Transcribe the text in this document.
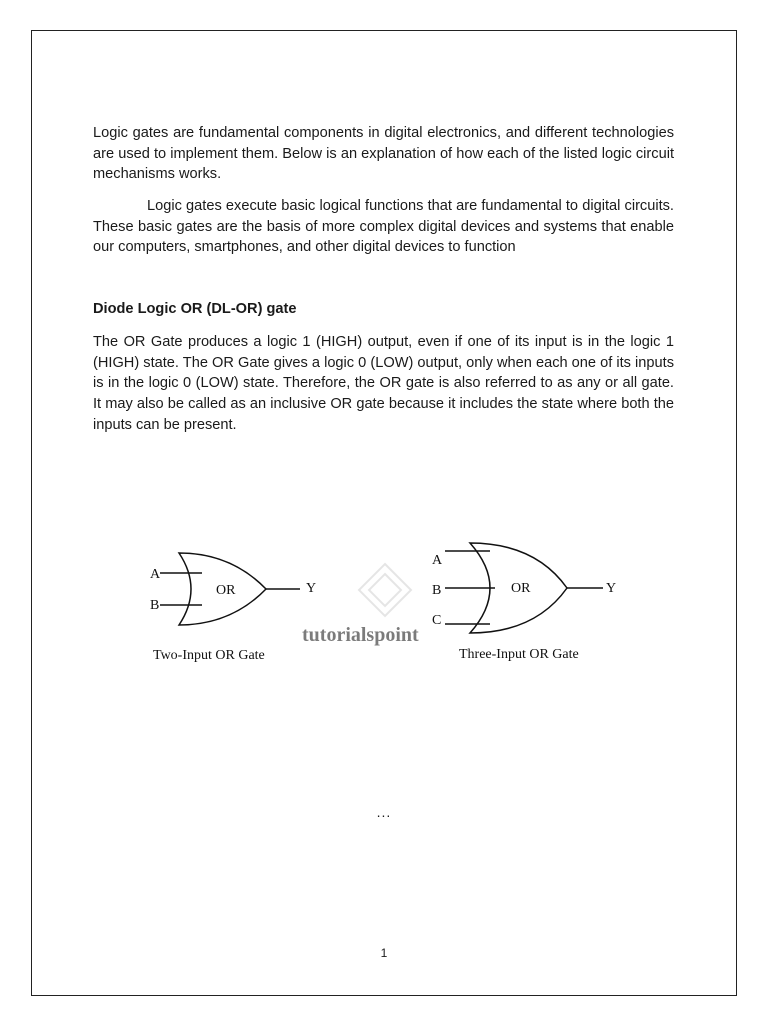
Logic gates are fundamental components in digital electronics, and different technologies are used to implement them. Below is an explanation of how each of the listed logic circuit mechanisms works.

Logic gates execute basic logical functions that are fundamental to digital circuits. These basic gates are the basis of more complex digital devices and systems that enable our computers, smartphones, and other digital devices to function

Diode Logic OR (DL-OR) gate

The OR Gate produces a logic 1 (HIGH) output, even if one of its input is in the logic 1 (HIGH) state. The OR Gate gives a logic 0 (LOW) output, only when each one of its inputs is in the logic 0 (LOW) state. Therefore, the OR gate is also referred to as any or all gate. It may also be called as an inclusive OR gate because it includes the state where both the inputs can be present.

tutorialspoint
A
B
OR	Y
Two-Input OR Gate
A
B
C
OR	Y
Three-Input OR Gate
...
1
